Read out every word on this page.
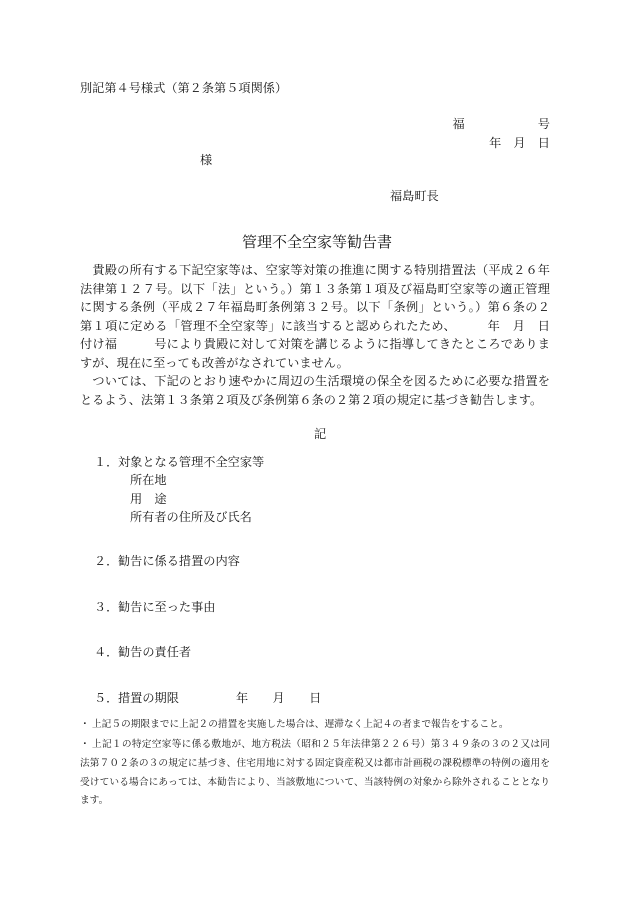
別記第４号様式（第２条第５項関係）
福　　　　　　号
年　月　日
様
福島町長
管理不全空家等勧告書
　貴殿の所有する下記空家等は、空家等対策の推進に関する特別措置法（平成２６年
法律第１２７号。以下「法」という。）第１３条第１項及び福島町空家等の適正管理
に関する条例（平成２７年福島町条例第３２号。以下「条例」という。）第６条の２
第１項に定める「管理不全空家等」に該当すると認められたため、　　　年　月　日
付け福　　　号により貴殿に対して対策を講じるように指導してきたところでありま
すが、現在に至っても改善がなされていません。
　ついては、下記のとおり速やかに周辺の生活環境の保全を図るために必要な措置を
とるよう、法第１３条第２項及び条例第６条の２第２項の規定に基づき勧告します。
記
１． 対象となる管理不全空家等
所在地
用　途
所有者の住所及び氏名
２． 勧告に係る措置の内容
３． 勧告に至った事由
４． 勧告の責任者
５． 措置の期限	年　　月　　日
・ 上記５の期限までに上記２の措置を実施した場合は、遅滞なく上記４の者まで報告をすること。
・ 上記１の特定空家等に係る敷地が、地方税法（昭和２５年法律第２２６号）第３４９条の３の２又は同
法第７０２条の３の規定に基づき、住宅用地に対する固定資産税又は都市計画税の課税標準の特例の適用を
受けている場合にあっては、本勧告により、当該敷地について、当該特例の対象から除外されることとなり
ます。
